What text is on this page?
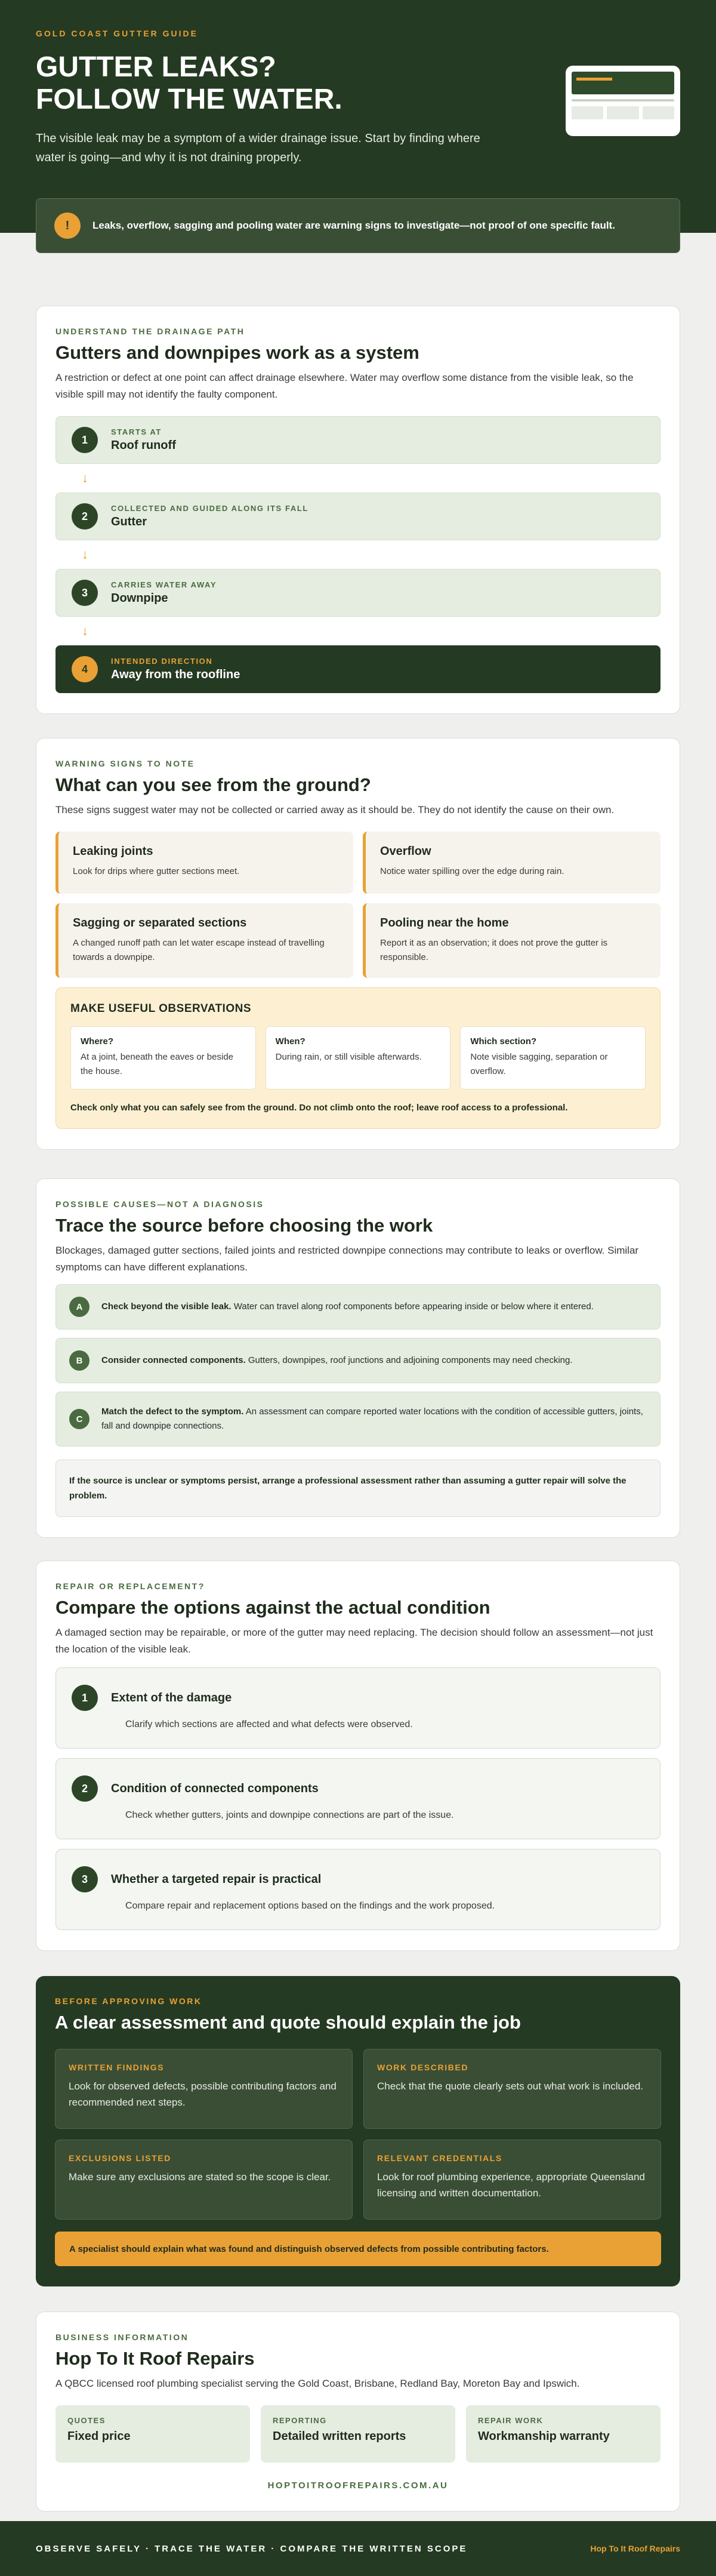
GOLD COAST GUTTER GUIDE
GUTTER LEAKS?
FOLLOW THE WATER.

The visible leak may be a symptom of a wider drainage issue. Start by finding where water is going—and why it is not draining properly.

!	Leaks, overflow, sagging and pooling water are warning signs to investigate—not proof of one specific fault.
UNDERSTAND THE DRAINAGE PATH
Gutters and downpipes work as a system

A restriction or defect at one point can affect drainage elsewhere. Water may overflow some distance from the visible leak, so the visible spill may not identify the faulty component.

1
STARTS AT
Roof runoff
↓
2
COLLECTED AND GUIDED ALONG ITS FALL
Gutter
↓
3
CARRIES WATER AWAY
Downpipe
↓
4
INTENDED DIRECTION
Away from the roofline
WARNING SIGNS TO NOTE
What can you see from the ground?

These signs suggest water may not be collected or carried away as it should be. They do not identify the cause on their own.

Leaking joints
Look for drips where gutter sections meet.
Overflow
Notice water spilling over the edge during rain.
Sagging or separated sections
A changed runoff path can let water escape instead of travelling towards a downpipe.
Pooling near the home
Report it as an observation; it does not prove the gutter is responsible.
MAKE USEFUL OBSERVATIONS
Where?
At a joint, beneath the eaves or beside the house.
When?
During rain, or still visible afterwards.
Which section?
Note visible sagging, separation or overflow.
Check only what you can safely see from the ground. Do not climb onto the roof; leave roof access to a professional.
POSSIBLE CAUSES—NOT A DIAGNOSIS
Trace the source before choosing the work

Blockages, damaged gutter sections, failed joints and restricted downpipe connections may contribute to leaks or overflow. Similar symptoms can have different explanations.

A	Check beyond the visible leak. Water can travel along roof components before appearing inside or below where it entered.
B	Consider connected components. Gutters, downpipes, roof junctions and adjoining components may need checking.
C
Match the defect to the symptom. An assessment can compare reported water locations with the condition of accessible gutters, joints, fall and downpipe connections.
If the source is unclear or symptoms persist, arrange a professional assessment rather than assuming a gutter repair will solve the problem.
REPAIR OR REPLACEMENT?
Compare the options against the actual condition

A damaged section may be repairable, or more of the gutter may need replacing. The decision should follow an assessment—not just the location of the visible leak.

1	Extent of the damage
Clarify which sections are affected and what defects were observed.
2	Condition of connected components
Check whether gutters, joints and downpipe connections are part of the issue.
3	Whether a targeted repair is practical
Compare repair and replacement options based on the findings and the work proposed.
BEFORE APPROVING WORK
A clear assessment and quote should explain the job
WRITTEN FINDINGS
Look for observed defects, possible contributing factors and recommended next steps.
WORK DESCRIBED
Check that the quote clearly sets out what work is included.
EXCLUSIONS LISTED
Make sure any exclusions are stated so the scope is clear.
RELEVANT CREDENTIALS
Look for roof plumbing experience, appropriate Queensland licensing and written documentation.
A specialist should explain what was found and distinguish observed defects from possible contributing factors.
BUSINESS INFORMATION
Hop To It Roof Repairs

A QBCC licensed roof plumbing specialist serving the Gold Coast, Brisbane, Redland Bay, Moreton Bay and Ipswich.

QUOTES
Fixed price
REPORTING
Detailed written reports
REPAIR WORK
Workmanship warranty
HOPTOITROOFREPAIRS.COM.AU
OBSERVE SAFELY · TRACE THE WATER · COMPARE THE WRITTEN SCOPE	Hop To It Roof Repairs
